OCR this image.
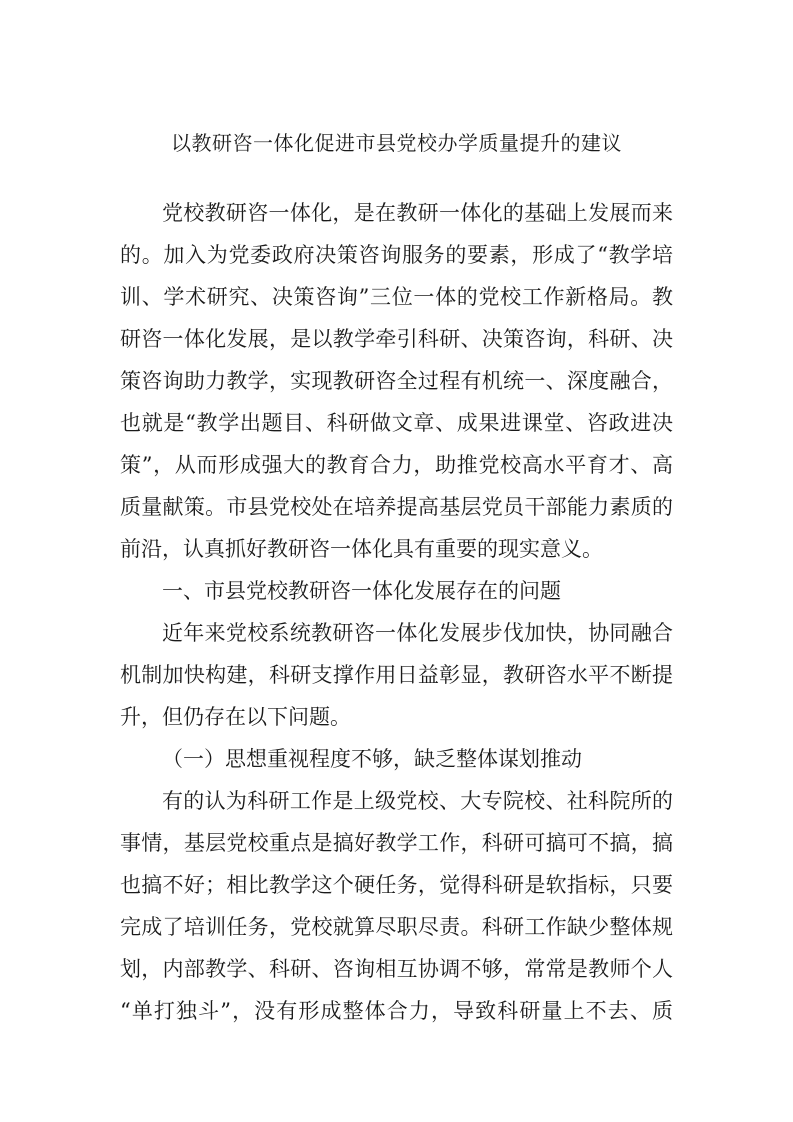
以教研咨一体化促进市县党校办学质量提升的建议
党校教研咨一体化，是在教研一体化的基础上发展而来
的。加入为党委政府决策咨询服务的要素，形成了“教学培
训、学术研究、决策咨询”三位一体的党校工作新格局。教
研咨一体化发展，是以教学牵引科研、决策咨询，科研、决
策咨询助力教学，实现教研咨全过程有机统一、深度融合，
也就是“教学出题目、科研做文章、成果进课堂、咨政进决
策”，从而形成强大的教育合力，助推党校高水平育才、高
质量献策。市县党校处在培养提高基层党员干部能力素质的
前沿，认真抓好教研咨一体化具有重要的现实意义。
一、市县党校教研咨一体化发展存在的问题
近年来党校系统教研咨一体化发展步伐加快，协同融合
机制加快构建，科研支撑作用日益彰显，教研咨水平不断提
升，但仍存在以下问题。
（一）思想重视程度不够，缺乏整体谋划推动
有的认为科研工作是上级党校、大专院校、社科院所的
事情，基层党校重点是搞好教学工作，科研可搞可不搞，搞
也搞不好；相比教学这个硬任务，觉得科研是软指标，只要
完成了培训任务，党校就算尽职尽责。科研工作缺少整体规
划，内部教学、科研、咨询相互协调不够，常常是教师个人
“单打独斗”，没有形成整体合力，导致科研量上不去、质
